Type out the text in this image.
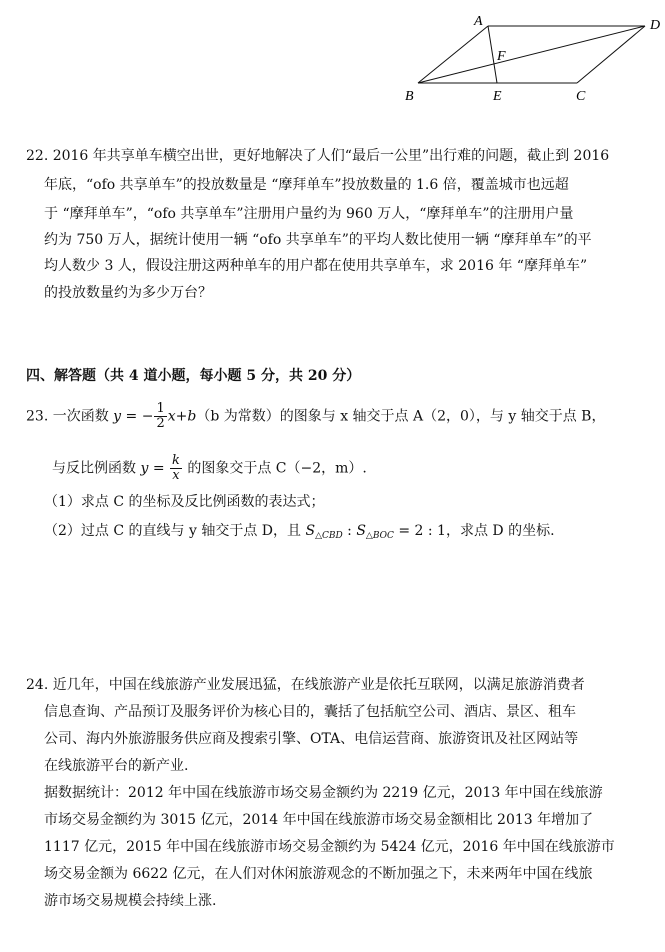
A	D
F
B	E	C
22. 2016 年共享单车横空出世，更好地解决了人们“最后一公里”出行难的问题，截止到 2016
年底，“ofo 共享单车”的投放数量是 “摩拜单车”投放数量的 1.6 倍，覆盖城市也远超
于 “摩拜单车”，“ofo 共享单车”注册用户量约为 960 万人，“摩拜单车”的注册用户量
约为 750 万人，据统计使用一辆 “ofo 共享单车”的平均人数比使用一辆 “摩拜单车”的平
均人数少 3 人，假设注册这两种单车的用户都在使用共享单车，求 2016 年 “摩拜单车”
的投放数量约为多少万台？
四、解答题（共 4 道小题，每小题 5 分，共 20 分）
23. 一次函数 y = − $\frac{1}{2} x+b(b$ 为常数）的图象与 x 轴交于点 A（2，0），与 y 轴交于点 B，
与反比例函数 $y = \frac{k}{x}$ 的图象交于点 C（−2，m）.
（1）求点 C 的坐标及反比例函数的表达式；
（2）过点 C 的直线与 y 轴交于点 D，且 $S_{\triangle CBD}$ : $S_{\triangle BOC} = 2$ : 1，求点 D 的坐标.
24. 近几年，中国在线旅游产业发展迅猛，在线旅游产业是依托互联网，以满足旅游消费者
信息查询、产品预订及服务评价为核心目的，囊括了包括航空公司、酒店、景区、租车
公司、海内外旅游服务供应商及搜索引擎、OTA、电信运营商、旅游资讯及社区网站等
在线旅游平台的新产业.
据数据统计：2012 年中国在线旅游市场交易金额约为 2219 亿元，2013 年中国在线旅游
市场交易金额约为 3015 亿元，2014 年中国在线旅游市场交易金额相比 2013 年增加了
1117 亿元，2015 年中国在线旅游市场交易金额约为 5424 亿元，2016 年中国在线旅游市
场交易金额为 6622 亿元，在人们对休闲旅游观念的不断加强之下，未来两年中国在线旅
游市场交易规模会持续上涨.
